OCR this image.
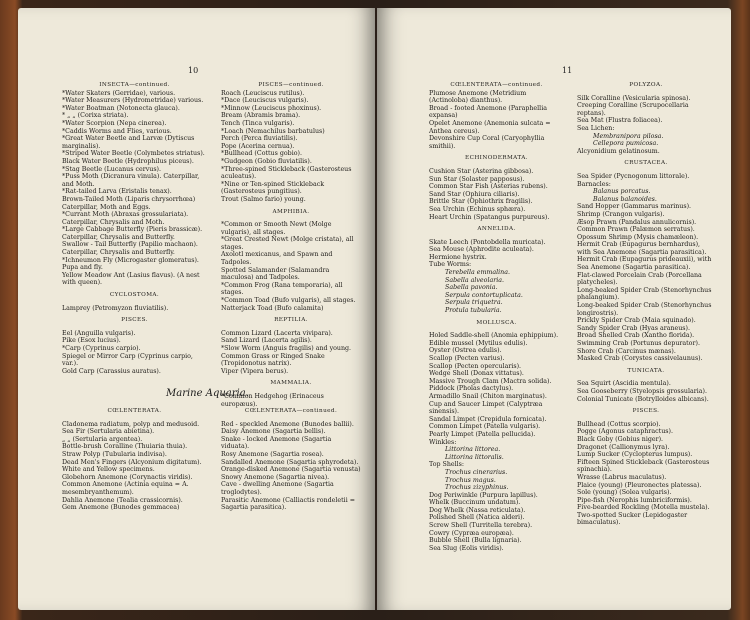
10

INSECTA—continued.

*Water Skaters (Gerridae), various.

*Water Measurers (Hydrometridae) various.

*Water Boatman (Notonecta glauca).

* „ „ (Corixa striata).

*Water Scorpion (Nepa cinerea).

*Caddis Worms and Flies, various.

*Great Water Beetle and Larvæ (Dytiscus marginalis).

*Striped Water Beetle (Colymbetes striatus).

Black Water Beetle (Hydrophilus piceus).

*Stag Beetle (Lucanus cervus).

*Puss Moth (Dicranura vinula). Caterpillar, and Moth.

*Rat-tailed Larva (Eristalis tenax).

Brown-Tailed Moth (Liparis chrysorrhœa) Caterpillar, Moth and Eggs.

*Currant Moth (Abraxas grossulariata). Caterpillar, Chrysalis and Moth.

*Large Cabbage Butterfly (Pieris brassicæ). Caterpillar, Chrysalis and Butterfly.

Swallow - Tail Butterfly (Papilio machaon). Caterpillar, Chrysalis and Butterfly.

*Ichneumon Fly (Microgaster glomeratus). Pupa and fly.

Yellow Meadow Ant (Lasius flavus). (A nest with queen).

CYCLOSTOMA.

Lamprey (Petromyzon fluviatilis).

PISCES.

Eel (Anguilla vulgaris).

Pike (Esox lucius).

*Carp (Cyprinus carpio).

Spiegel or Mirror Carp (Cyprinus carpio, var.).

Gold Carp (Carassius auratus).

PISCES—continued.

Roach (Leuciscus rutilus).

*Dace (Leuciscus vulgaris).

*Minnow (Leuciscus phoxinus).

Bream (Abramis brama).

Tench (Tinca vulgaris).

*Loach (Nemachilus barbatulus)

Perch (Perca fluviatilis).

Pope (Acerina cernua).

*Bullhead (Cottus gobio).

*Gudgeon (Gobio fluviatilis).

*Three-spined Stickleback (Gasterosteus aculeatus).

*Nine or Ten-spined Stickleback (Gasterosteus pungitius).

Trout (Salmo fario) young.

AMPHIBIA.

*Common or Smooth Newt (Molge vulgaris), all stages.

*Great Crested Newt (Molge cristata), all stages.

Axolotl mexicanus, and Spawn and Tadpoles.

Spotted Salamander (Salamandra maculosa) and Tadpoles.

*Common Frog (Rana temporaria), all stages.

*Common Toad (Bufo vulgaris), all stages.

Natterjack Toad (Bufo calamita)

REPTILIA.

Common Lizard (Lacerta vivipara).

Sand Lizard (Lacerta agilis).

*Slow Worm (Anguis fragilis) and young.

Common Grass or Ringed Snake (Tropidonotus natrix).

Viper (Vipera berus).

MAMMALIA.

*Common Hedgehog (Erinaceus europæus).

Marine Aquaria.

CŒLENTERATA.

Cladonema radiatum, polyp and medusoid.

Sea Fir (Sertularia abietina).

„ „ (Sertularia argentea).

Bottle-brush Coralline (Thuiaria thuia).

Straw Polyp (Tubularia indivisa).

Dead Men's Fingers (Alcyonium digitatum). White and Yellow specimens.

Globehorn Anemone (Corynactis viridis).

Common Anemone (Actinia equina = A. mesembryanthemum).

Dahlia Anemone (Tealia crassicornis).

Gem Anemone (Bunodes gemmacea)

CŒLENTERATA—continued.

Red - speckled Anemone (Bunodes ballii).

Daisy Anemone (Sagartia bellis).

Snake - locked Anemone (Sagartia viduata).

Rosy Anemone (Sagartia rosea).

Sandalled Anemone (Sagartia sphyrodeta).

Orange-disked Anemone (Sagartia venusta)

Snowy Anemone (Sagartia nivea).

Cave - dwelling Anemone (Sagartia troglodytes).

Parasitic Anemone (Calliactis rondeletii = Sagartia parasitica).

11

CŒLENTERATA—continued.

Plumose Anemone (Metridium (Actinoloba) dianthus).

Broad - footed Anemone (Paraphellia expansa)

Opelet Anemone (Anemonia sulcata = Anthea cereus).

Devonshire Cup Coral (Caryophyllia smithii).

ECHINODERMATA.

Cushion Star (Asterina gibbosa).

Sun Star (Solaster papposus).

Common Star Fish (Asterias rubens).

Sand Star (Ophiura ciliaris).

Brittle Star (Ophiothrix fragilis).

Sea Urchin (Echinus sphæra).

Heart Urchin (Spatangus purpureus).

ANNELIDA.

Skate Leech (Pontobdella muricata).

Sea Mouse (Aphrodite aculeata).

Hermione hystrix.

Tube Worms:

Terebella emmalina.

Sabella alveolaria.

Sabella pavonia.

Serpula contortuplicata.

Serpula triquetra.

Protula tubularia.

MOLLUSCA.

Holed Saddle-shell (Anomia ephippium).

Edible mussel (Mytilus edulis).

Oyster (Ostrea edulis).

Scallop (Pecten varius).

Scallop (Pecten opercularis).

Wedge Shell (Donax vittatus).

Massive Trough Clam (Mactra solida).

Piddock (Pholas dactylus).

Armadillo Snail (Chiton marginatus).

Cup and Saucer Limpet (Calyptræa sinensis).

Sandal Limpet (Crepidula fornicata).

Common Limpet (Patella vulgaris).

Pearly Limpet (Patella pellucida).

Winkles:

Littorina littorea.

Littorina littoralis.

Top Shells:

Trochus cinerarius.

Trochus magus.

Trochus zizyphinus.

Dog Periwinkle (Purpura lapillus).

Whelk (Buccinum undatum).

Dog Whelk (Nassa reticulata).

Polished Shell (Natica alderi).

Screw Shell (Turritella terebra).

Cowry (Cypræa europæa).

Bubble Shell (Bulla lignaria).

Sea Slug (Eolis viridis).

POLYZOA.

Silk Coralline (Vesicularia spinosa).

Creeping Coralline (Scrupocellaria reptans).

Sea Mat (Flustra foliacea).

Sea Lichen:

Membranipora pilosa.

Cellepora pumicosa.

Alcyonidium gelatinosum.

CRUSTACEA.

Sea Spider (Pycnogonum littorale).

Barnacles:

Balanus porcatus.

Balanus balanoides.

Sand Hopper (Gammarus marinus).

Shrimp (Crangon vulgaris).

Æsop Prawn (Pandalus annulicornis).

Common Prawn (Palæmon serratus).

Opossum Shrimp (Mysis chamæleon).

Hermit Crab (Eupagurus bernhardus), with Sea Anemone (Sagartia parasitica).

Hermit Crab (Eupagurus prideauxii), with Sea Anemone (Sagartia parasitica).

Flat-clawed Porcelain Crab (Porcellana platycheles).

Long-beaked Spider Crab (Stenorhynchus phalangium).

Long-beaked Spider Crab (Stenorhynchus longirostris).

Prickly Spider Crab (Maia squinado).

Sandy Spider Crab (Hyas araneus).

Broad Shelled Crab (Xantho florida).

Swimming Crab (Portunus depurator).

Shore Crab (Carcinus mænas).

Masked Crab (Corystes cassivelaunus).

TUNICATA.

Sea Squirt (Ascidia mentula).

Sea Gooseberry (Styelopsis grossularia).

Colonial Tunicate (Botrylloides albicans).

PISCES.

Bullhead (Cottus scorpio).

Pogge (Agonus cataphractus).

Black Goby (Gobius niger).

Dragonet (Callionymus lyra).

Lump Sucker (Cyclopterus lumpus).

Fifteen Spined Stickleback (Gasterosteus spinachia).

Wrasse (Labrus maculatus).

Plaice (young) (Pleuronectes platessa).

Sole (young) (Solea vulgaris).

Pipe-fish (Nerophis lumbriciformis).

Five-bearded Rockling (Motella mustela).

Two-spotted Sucker (Lepidogaster bimaculatus).
